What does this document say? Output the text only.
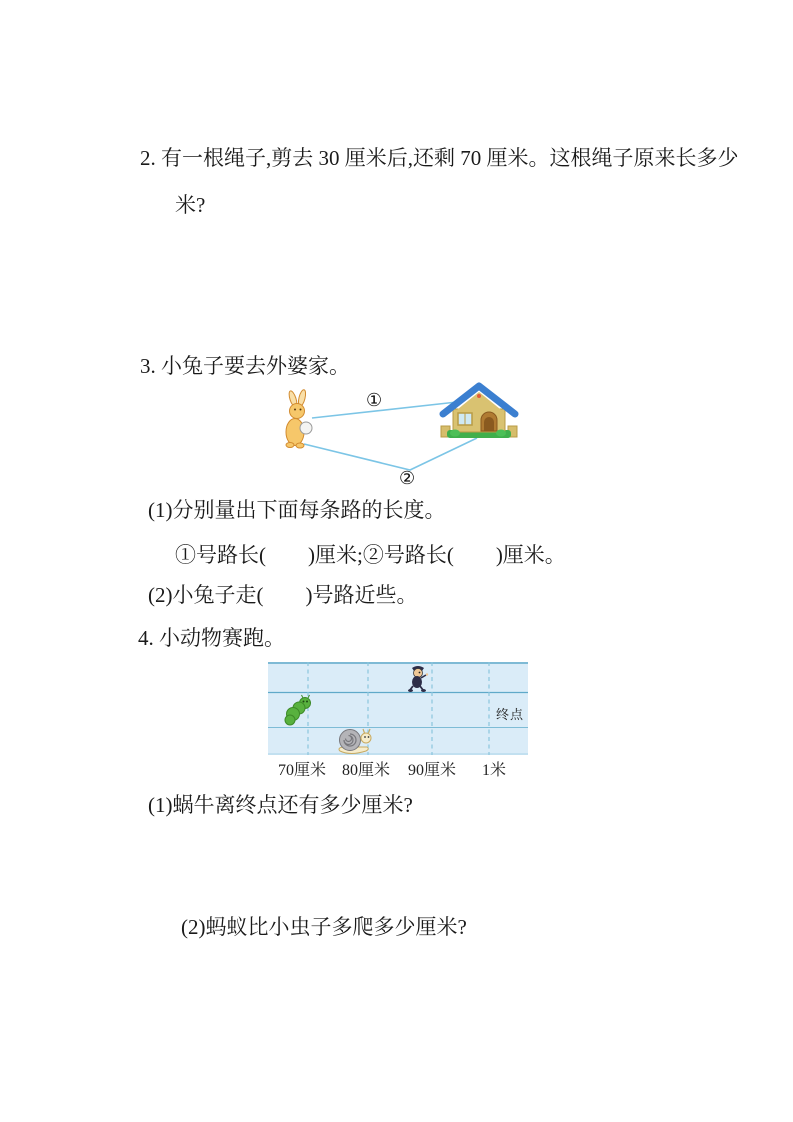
2. 有一根绳子,剪去 30 厘米后,还剩 70 厘米。这根绳子原来长多少
米?
3. 小兔子要去外婆家。
①
②
(1)分别量出下面每条路的长度。
①号路长(        )厘米;②号路长(        )厘米。
(2)小兔子走(        )号路近些。
4. 小动物赛跑。
终点
70厘米 80厘米 90厘米 1米
(1)蜗牛离终点还有多少厘米?
(2)蚂蚁比小虫子多爬多少厘米?
